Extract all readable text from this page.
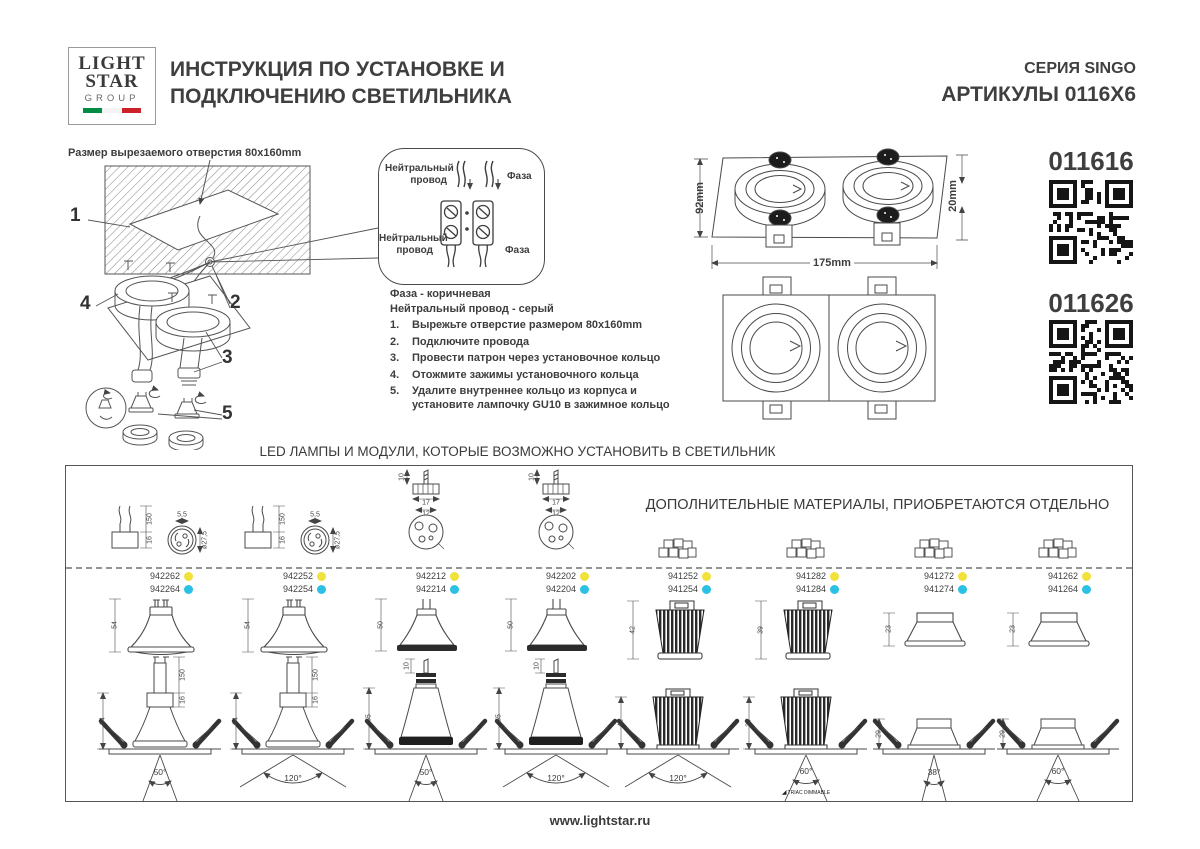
LIGHT
STAR
GROUP
ИНСТРУКЦИЯ ПО УСТАНОВКЕ И
ПОДКЛЮЧЕНИЮ СВЕТИЛЬНИКА
СЕРИЯ SINGO
АРТИКУЛЫ 0116X6
Размер вырезаемого отверстия 80x160mm
1
2
3
4
5
Нейтральный провод	Фаза
Нейтральный провод	Фаза
Фаза - коричневая
Нейтральный провод - серый
1.	Вырежьте отверстие размером 80x160mm
2.	Подключите провода
3.	Провести патрон через установочное кольцо
4.	Отожмите зажимы установочного кольца
5.	Удалите внутреннее кольцо из корпуса и установите лампочку GU10 в зажимное кольцо
92mm	20mm
175mm
011616
011626
LED ЛАМПЫ И МОДУЛИ, КОТОРЫЕ ВОЗМОЖНО УСТАНОВИТЬ В СВЕТИЛЬНИК
ДОПОЛНИТЕЛЬНЫЕ МАТЕРИАЛЫ, ПРИОБРЕТАЮТСЯ ОТДЕЛЬНО
150
16
5,5
ø27,5
150
16
5,5
ø27,5
10
17
12
10
17
12
942262
942264
942252
942254
942212
942214
942202
942204
941252
941254
941282
941284
941272
941274
941262
941264
54	54	50	50
42	39	23	23
64
150
16
50°
64
150
16
120°
55
10
50°
55
10
120°
42
120°
39
60°
◢ TRIAC DIMMABLE
29
38°
29
60°
www.lightstar.ru
